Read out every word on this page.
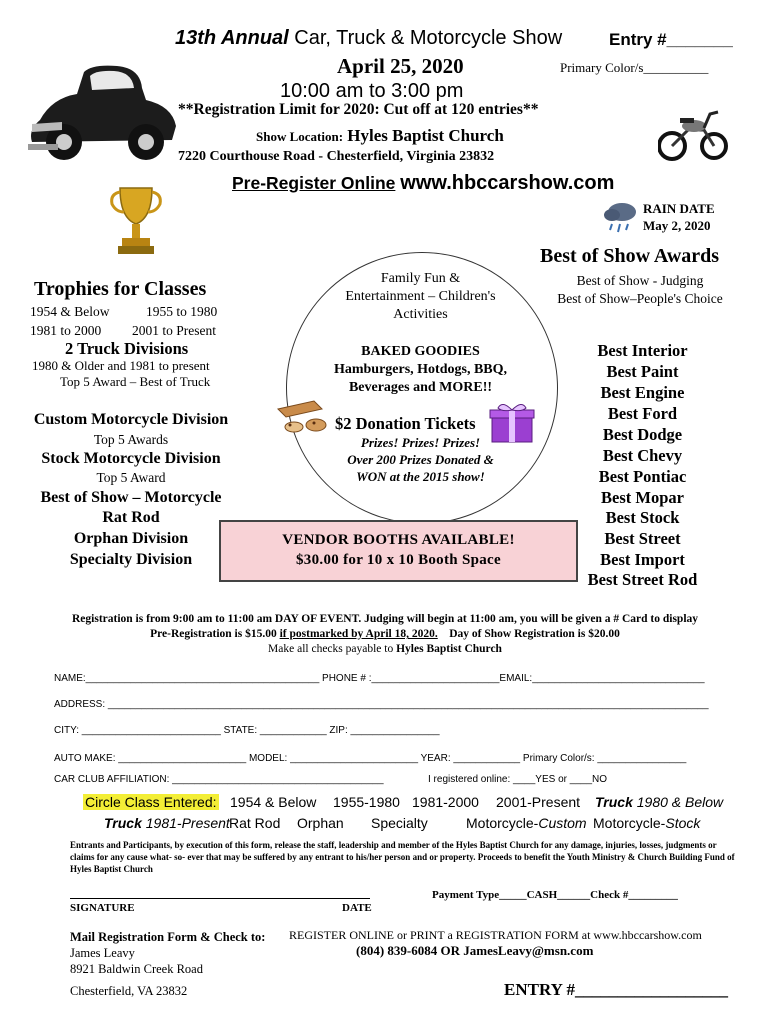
13th Annual Car, Truck & Motorcycle Show	Entry #_______
April 25, 2020	Primary Color/s__________
10:00 am to 3:00 pm
**Registration Limit for 2020: Cut off at 120 entries**
Show Location: Hyles Baptist Church
7220 Courthouse Road - Chesterfield, Virginia 23832
Pre-Register Online www.hbccarshow.com
RAIN DATE
May 2, 2020
Family Fun &
Entertainment – Children's
Activities
BAKED GOODIES
Hamburgers, Hotdogs, BBQ,
Beverages and MORE!!
$2 Donation Tickets
Prizes! Prizes! Prizes!
Over 200 Prizes Donated &
WON at the 2015 show!
VENDOR BOOTHS AVAILABLE!
$30.00 for 10 x 10 Booth Space
Trophies for Classes
1954 & Below	1955 to 1980
1981 to 2000 2001 to Present
2 Truck Divisions
1980 & Older and 1981 to present
Top 5 Award – Best of Truck
Custom Motorcycle Division
Top 5 Awards
Stock Motorcycle Division
Top 5 Award
Best of Show – Motorcycle
Rat Rod
Orphan Division
Specialty Division
Best of Show Awards
Best of Show - Judging
Best of Show–People's Choice
Best Interior
Best Paint
Best Engine
Best Ford
Best Dodge
Best Chevy
Best Pontiac
Best Mopar
Best Stock
Best Street
Best Import
Best Street Rod
Registration is from 9:00 am to 11:00 am DAY OF EVENT. Judging will begin at 11:00 am, you will be given a # Card to display
Pre-Registration is $15.00 if postmarked by April 18, 2020.    Day of Show Registration is $20.00
Make all checks payable to Hyles Baptist Church
NAME:__________________________________________ PHONE # :_______________________EMAIL:_______________________________
ADDRESS: ____________________________________________________________________________________________________________
CITY: _________________________ STATE: ____________ ZIP: ________________
AUTO MAKE: _______________________ MODEL: _______________________ YEAR: ____________ Primary Color/s: ________________
CAR CLUB AFFILIATION: ______________________________________	I registered online: ____YES or ____NO
Circle Class Entered: 1954 & Below 1955-1980 1981-2000 2001-Present Truck 1980 & Below
Truck 1981-Present Rat Rod Orphan Specialty	Motorcycle-Custom Motorcycle-Stock
Entrants and Participants, by execution of this form, release the staff, leadership and member of the Hyles Baptist Church for any damage, injuries, losses, judgments or claims for any cause what- so- ever that may be suffered by any entrant to his/her person and or property. Proceeds to benefit the Youth Ministry & Church Building Fund of Hyles Baptist Church
Payment Type_____CASH______Check #_________
SIGNATURE	DATE
Mail Registration Form & Check to:
James Leavy
8921 Baldwin Creek Road
Chesterfield, VA 23832
REGISTER ONLINE or PRINT a REGISTRATION FORM at www.hbccarshow.com
(804) 839-6084 OR JamesLeavy@msn.com
ENTRY #__________________
